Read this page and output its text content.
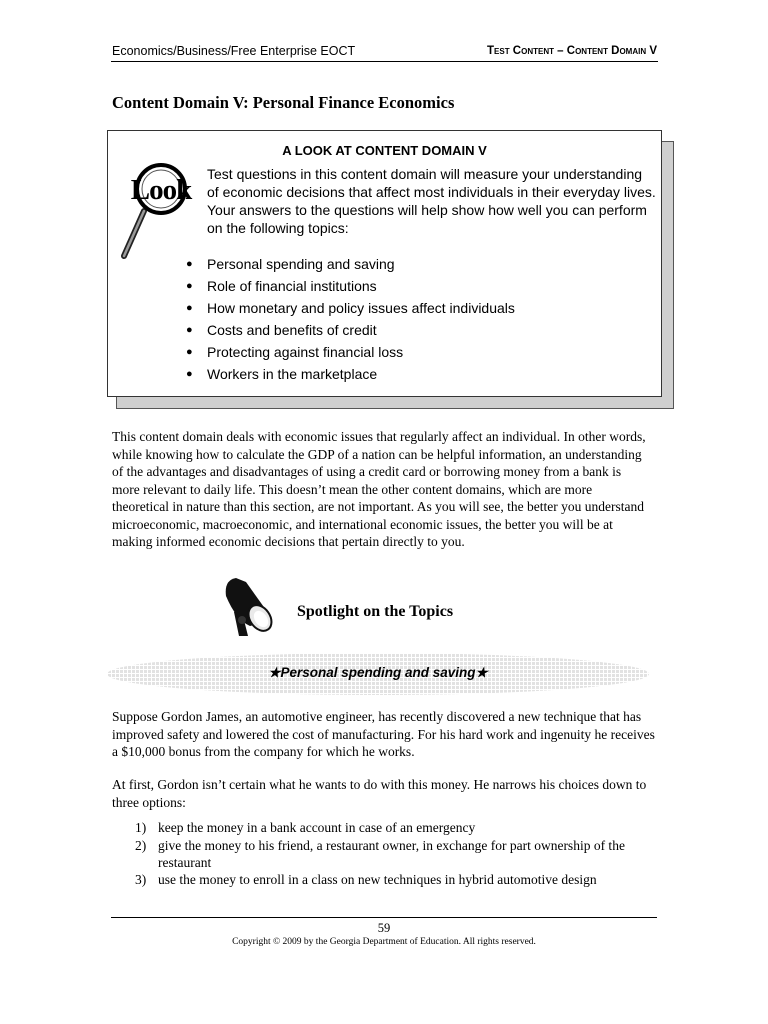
Economics/Business/Free Enterprise EOCT	Test Content – Content Domain V
Content Domain V: Personal Finance Economics
A LOOK AT CONTENT DOMAIN V
Look Test questions in this content domain will measure your understanding of economic decisions that affect most individuals in their everyday lives. Your answers to the questions will help show how well you can perform on the following topics:
●	Personal spending and saving
●	Role of financial institutions
●	How monetary and policy issues affect individuals
●	Costs and benefits of credit
●	Protecting against financial loss
●	Workers in the marketplace
This content domain deals with economic issues that regularly affect an individual. In other words, while knowing how to calculate the GDP of a nation can be helpful information, an understanding of the advantages and disadvantages of using a credit card or borrowing money from a bank is more relevant to daily life. This doesn’t mean the other content domains, which are more theoretical in nature than this section, are not important. As you will see, the better you understand microeconomic, macroeconomic, and international economic issues, the better you will be at making informed economic decisions that pertain directly to you.
Spotlight on the Topics
★Personal spending and saving★
Suppose Gordon James, an automotive engineer, has recently discovered a new technique that has improved safety and lowered the cost of manufacturing. For his hard work and ingenuity he receives a $10,000 bonus from the company for which he works.
At first, Gordon isn’t certain what he wants to do with this money. He narrows his choices down to three options:
1) keep the money in a bank account in case of an emergency
2) give the money to his friend, a restaurant owner, in exchange for part ownership of the restaurant
3) use the money to enroll in a class on new techniques in hybrid automotive design
59
Copyright © 2009 by the Georgia Department of Education. All rights reserved.
